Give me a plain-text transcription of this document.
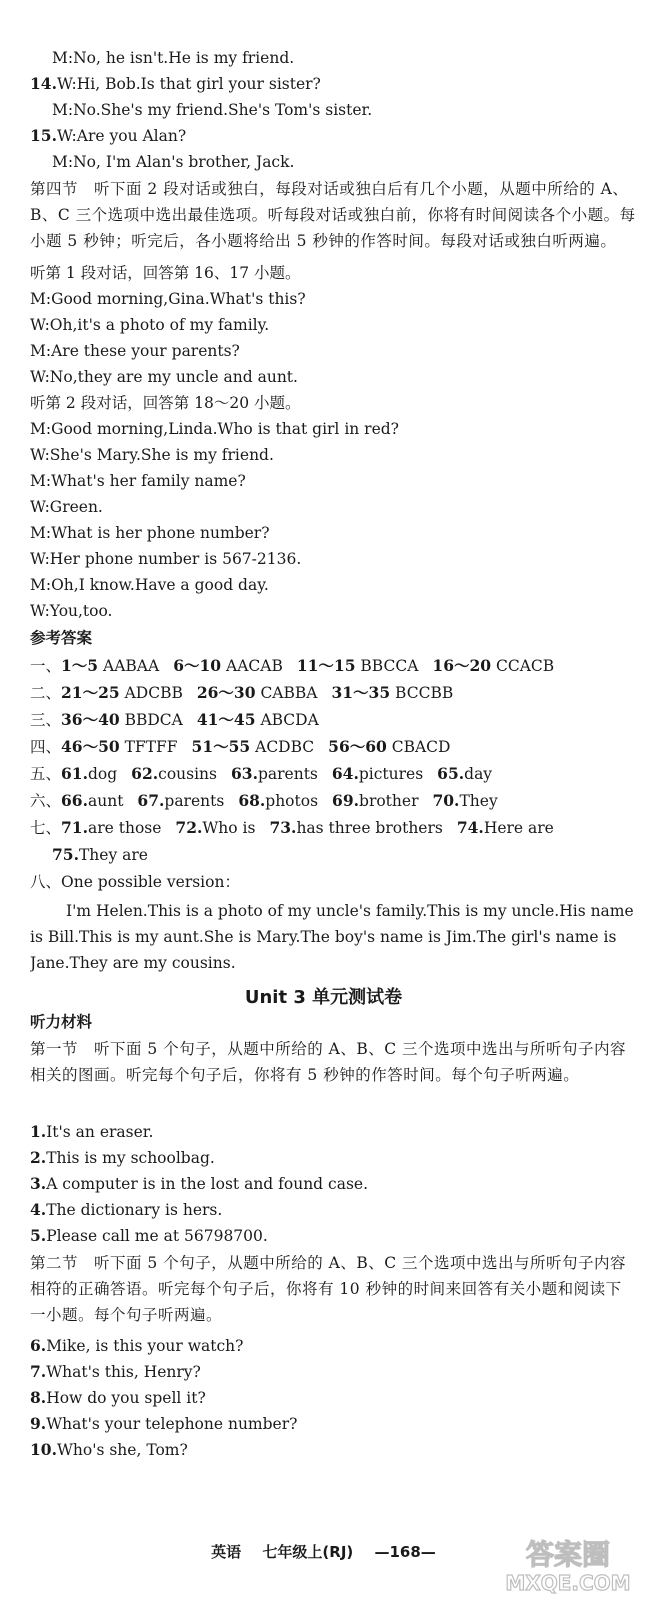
M:No, he isn't.He is my friend.
14.W:Hi, Bob.Is that girl your sister?
M:No.She's my friend.She's Tom's sister.
15.W:Are you Alan?
M:No, I'm Alan's brother, Jack.
第四节　听下面 2 段对话或独白，每段对话或独白后有几个小题，从题中所给的 A、B、C 三个选项中选出最佳选项。听每段对话或独白前，你将有时间阅读各个小题。每小题 5 秒钟；听完后，各小题将给出 5 秒钟的作答时间。每段对话或独白听两遍。
听第 1 段对话，回答第 16、17 小题。
M:Good morning,Gina.What's this?
W:Oh,it's a photo of my family.
M:Are these your parents?
W:No,they are my uncle and aunt.
听第 2 段对话，回答第 18～20 小题。
M:Good morning,Linda.Who is that girl in red?
W:She's Mary.She is my friend.
M:What's her family name?
W:Green.
M:What is her phone number?
W:Her phone number is 567-2136.
M:Oh,I know.Have a good day.
W:You,too.
参考答案
一、1～5 AABAA 6～10 AACAB 11～15 BBCCA 16～20 CCACB
二、21～25 ADCBB 26～30 CABBA 31～35 BCCBB
三、36～40 BBDCA 41～45 ABCDA
四、46～50 TFTFF 51～55 ACDBC 56～60 CBACD
五、61.dog 62.cousins 63.parents 64.pictures 65.day
六、66.aunt 67.parents 68.photos 69.brother 70.They
七、71.are those 72.Who is 73.has three brothers 74.Here are
75.They are
八、One possible version：
I'm Helen.This is a photo of my uncle's family.This is my uncle.His name is Bill.This is my aunt.She is Mary.The boy's name is Jim.The girl's name is Jane.They are my cousins.
Unit 3 单元测试卷
听力材料
第一节　听下面 5 个句子，从题中所给的 A、B、C 三个选项中选出与所听句子内容相关的图画。听完每个句子后，你将有 5 秒钟的作答时间。每个句子听两遍。
1.It's an eraser.
2.This is my schoolbag.
3.A computer is in the lost and found case.
4.The dictionary is hers.
5.Please call me at 56798700.
第二节　听下面 5 个句子，从题中所给的 A、B、C 三个选项中选出与所听句子内容相符的正确答语。听完每个句子后，你将有 10 秒钟的时间来回答有关小题和阅读下一小题。每个句子听两遍。
6.Mike, is this your watch?
7.What's this, Henry?
8.How do you spell it?
9.What's your telephone number?
10.Who's she, Tom?
英语 七年级上(RJ) —168—	答案圈
MXQE.COM
